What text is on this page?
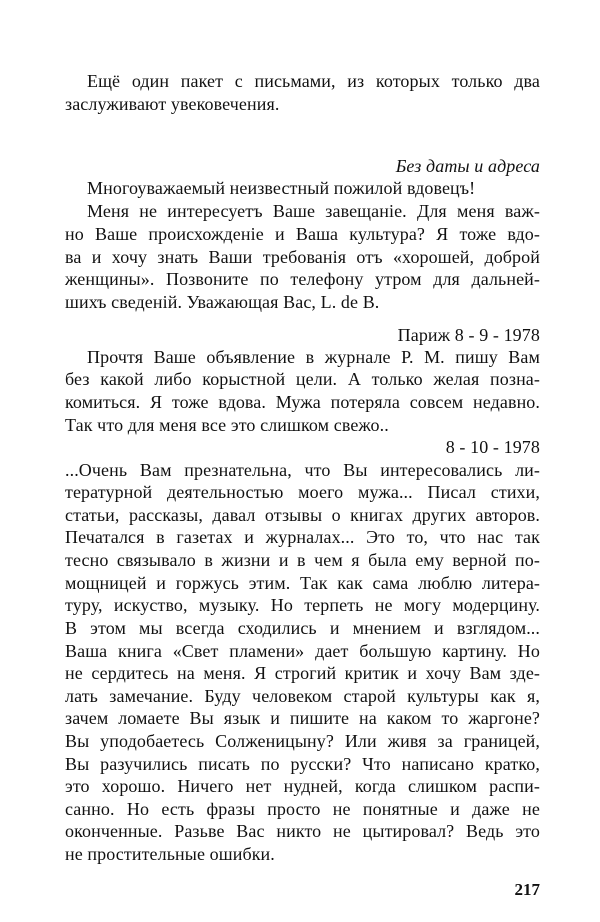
Ещё один пакет с письмами, из которых только два
заслуживают увековечения.
Без даты и адреса
Многоуважаемый неизвестный пожилой вдовецъ!
Меня не интересуетъ Ваше завещаніе. Для меня важ-
но Ваше происхожденіе и Ваша культура? Я тоже вдо-
ва и хочу знать Ваши требованія отъ «хорошей, доброй
женщины». Позвоните по телефону утром для дальней-
шихъ сведеній. Уважающая Вас, L. de B.
Париж 8 - 9 - 1978
Прочтя Ваше объявление в журнале Р. М. пишу Вам
без какой либо корыстной цели. А только желая позна-
комиться. Я тоже вдова. Мужа потеряла совсем недавно.
Так что для меня все это слишком свежо..
8 - 10 - 1978
...Очень Вам презнательна, что Вы интересовались ли-
тературной деятельностью моего мужа... Писал стихи,
статьи, рассказы, давал отзывы о книгах других авторов.
Печатался в газетах и журналах... Это то, что нас так
тесно связывало в жизни и в чем я была ему верной по-
мощницей и горжусь этим. Так как сама люблю литера-
туру, искуство, музыку. Но терпеть не могу модерцину.
В этом мы всегда сходились и мнением и взглядом...
Ваша книга «Свет пламени» дает большую картину. Но
не сердитесь на меня. Я строгий критик и хочу Вам зде-
лать замечание. Буду человеком старой культуры как я,
зачем ломаете Вы язык и пишите на каком то жаргоне?
Вы уподобаетесь Солженицыну? Или живя за границей,
Вы разучились писать по русски? Что написано кратко,
это хорошо. Ничего нет нудней, когда слишком распи-
санно. Но есть фразы просто не понятные и даже не
оконченные. Разьве Вас никто не цытировал? Ведь это
не простительные ошибки.
217
